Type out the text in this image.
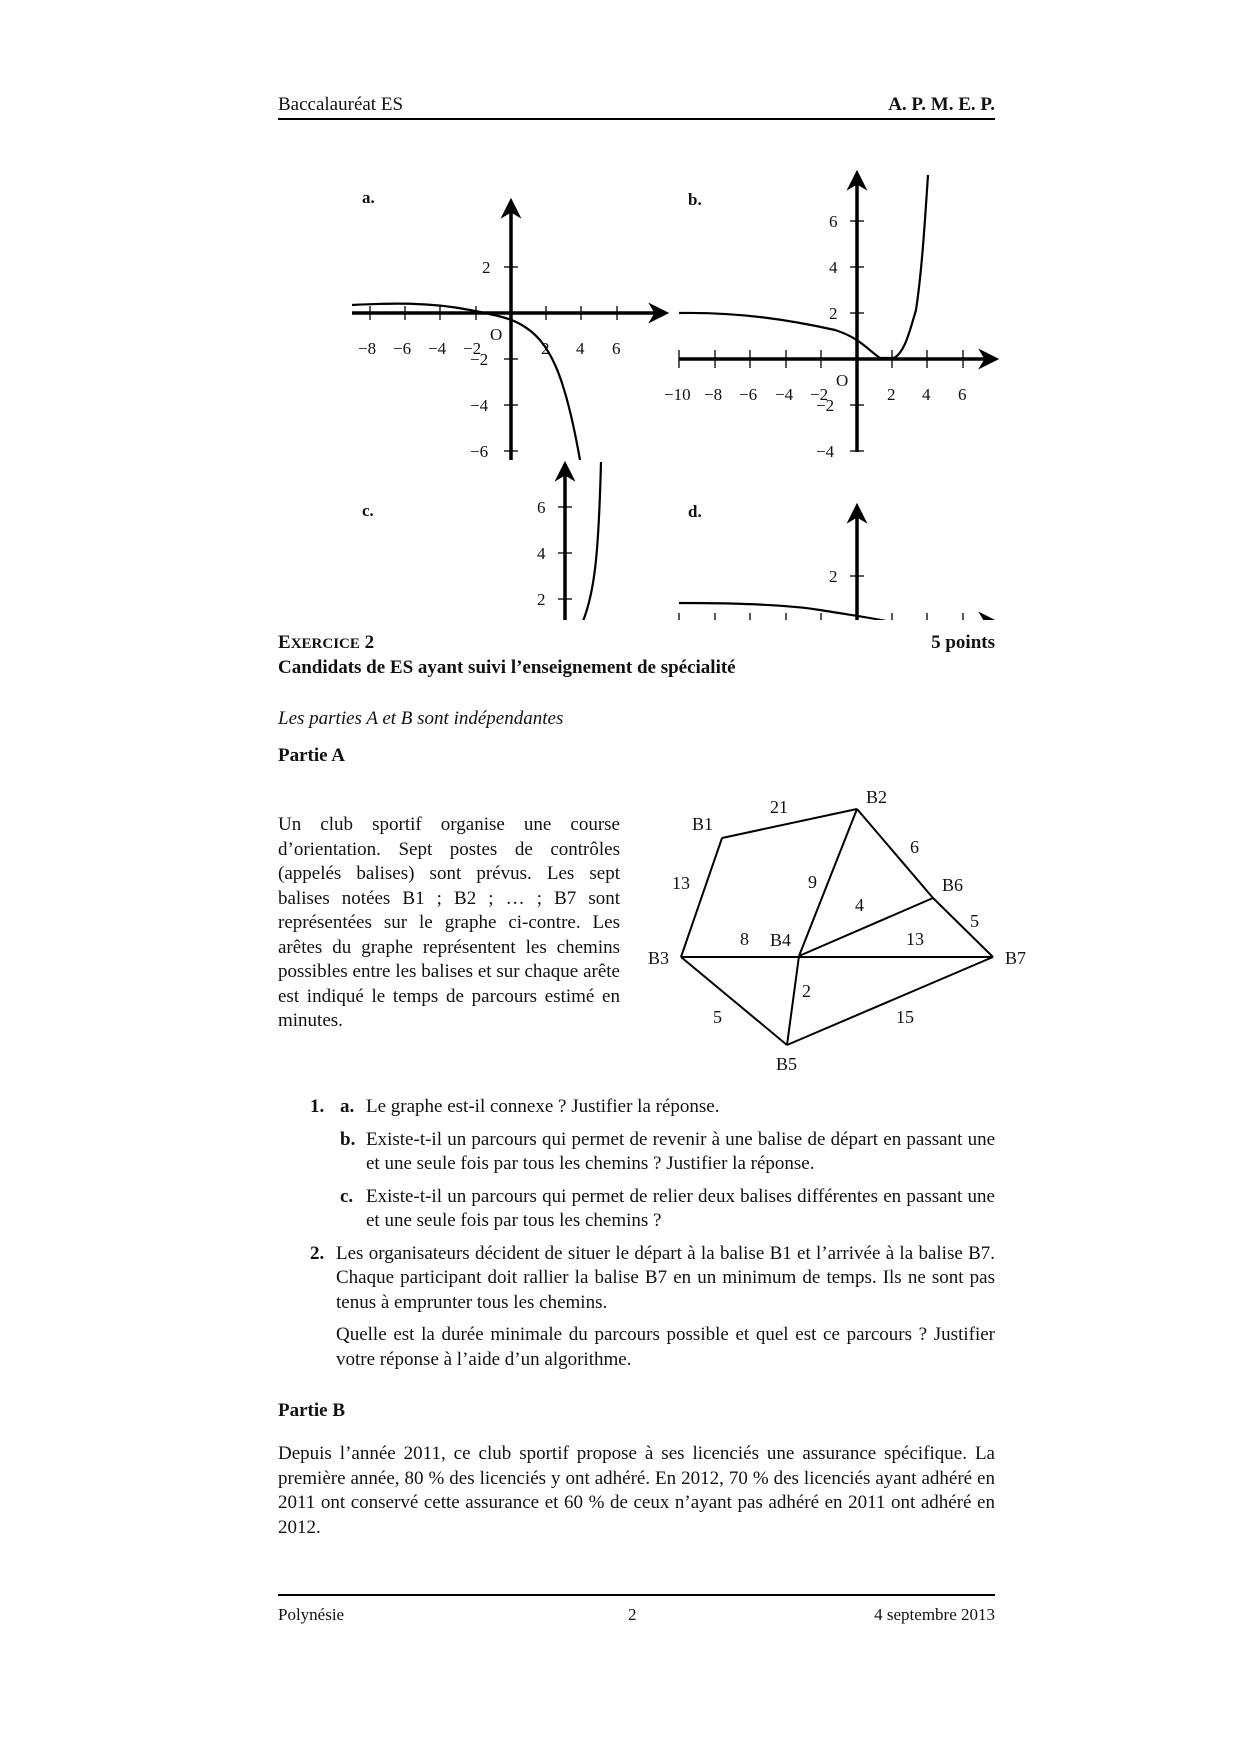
Baccalauréat ES	A. P. M. E. P.
a.
−8 −6 −4 −2	2 4 6
2
−2
−4
−6
O
b.
−10 −8 −6 −4 −2	2 4 6
6
4
2
−2
−4
O
c.	6
4
2
d.
2
EXERCICE 2	5 points
Candidats de ES ayant suivi l’enseignement de spécialité
Les parties A et B sont indépendantes
Partie A
Un club sportif organise une course d’orientation. Sept postes de contrôles (appelés balises) sont prévus. Les sept balises notées B1 ; B2 ; … ; B7 sont représentées sur le graphe ci-contre. Les arêtes du graphe représentent les chemins possibles entre les balises et sur chaque arête est indiqué le temps de parcours estimé en minutes.
B1
B2
B3
B4
B5
B6
B7
21
13	9
6
4
5
8	13
5
2
15
1. a. Le graphe est-il connexe ? Justifier la réponse.
b. Existe-t-il un parcours qui permet de revenir à une balise de départ en passant une et une seule fois par tous les chemins ? Justifier la réponse.
c. Existe-t-il un parcours qui permet de relier deux balises différentes en passant une et une seule fois par tous les chemins ?
2. Les organisateurs décident de situer le départ à la balise B1 et l’arrivée à la balise B7. Chaque participant doit rallier la balise B7 en un minimum de temps. Ils ne sont pas tenus à emprunter tous les chemins.
Quelle est la durée minimale du parcours possible et quel est ce parcours ? Justifier votre réponse à l’aide d’un algorithme.
Partie B
Depuis l’année 2011, ce club sportif propose à ses licenciés une assurance spécifique. La première année, 80 % des licenciés y ont adhéré. En 2012, 70 % des licenciés ayant adhéré en 2011 ont conservé cette assurance et 60 % de ceux n’ayant pas adhéré en 2011 ont adhéré en 2012.
Polynésie	2	4 septembre 2013
